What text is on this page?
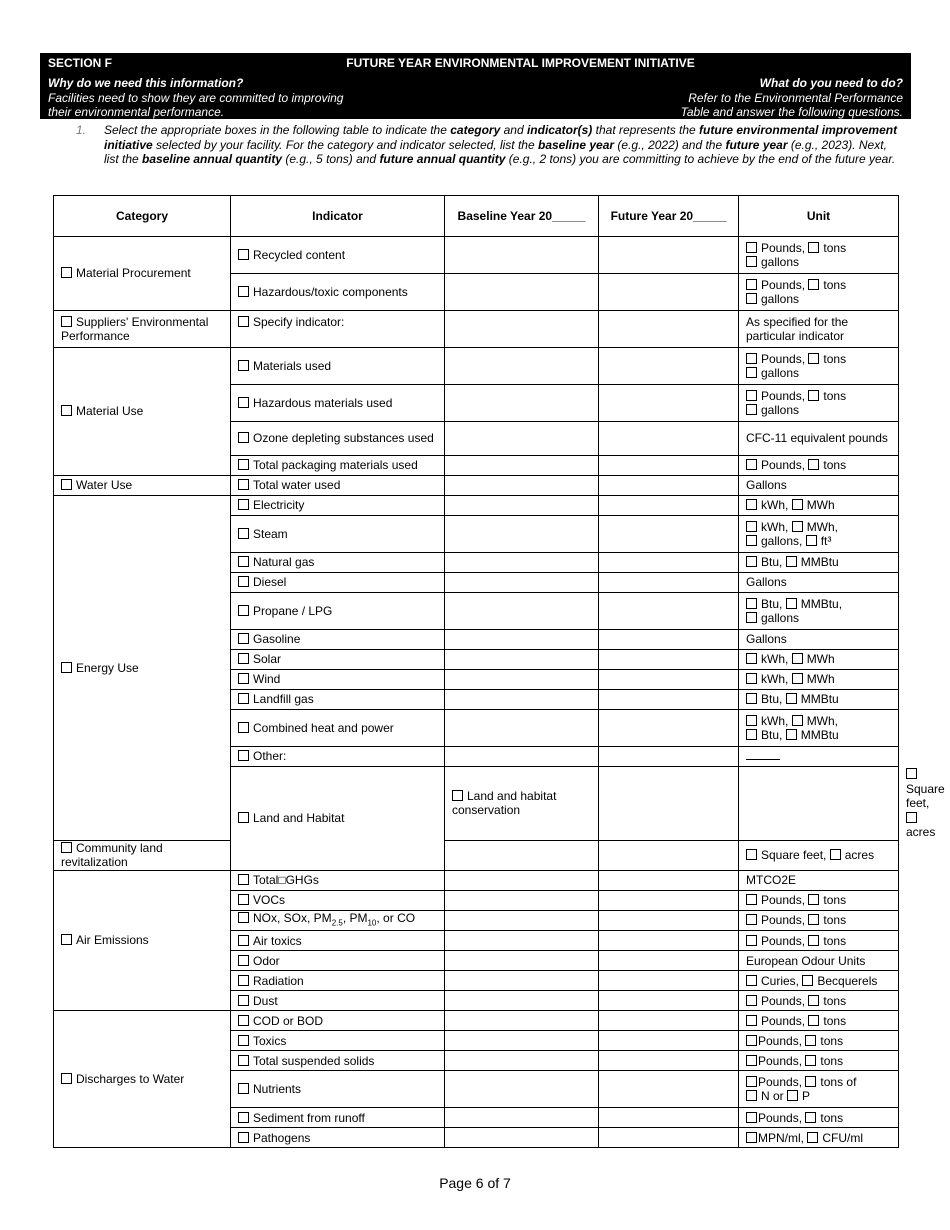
SECTION F	FUTURE YEAR ENVIRONMENTAL IMPROVEMENT INITIATIVE
Why do we need this information?
Facilities need to show they are committed to improving
their environmental performance.
What do you need to do?
Refer to the Environmental Performance
Table and answer the following questions.
1. Select the appropriate boxes in the following table to indicate the category and indicator(s) that represents the future environmental improvement initiative selected by your facility. For the category and indicator selected, list the baseline year (e.g., 2022) and the future year (e.g., 2023). Next, list the baseline annual quantity (e.g., 5 tons) and future annual quantity (e.g., 2 tons) you are committing to achieve by the end of the future year.
Category	Indicator	Baseline Year 20_____	Future Year 20_____	Unit	
Material Procurement	Recycled content			Pounds, tons
gallons	
	Hazardous/toxic components			Pounds, tons
gallons	
Suppliers' Environmental Performance	Specify indicator:			As specified for the particular indicator	
Material Use	Materials used			Pounds, tons
gallons	
	Hazardous materials used			Pounds, tons
gallons	
	Ozone depleting substances used			CFC-11 equivalent pounds	
	Total packaging materials used			Pounds, tons	
Water Use	Total water used			Gallons	
Energy Use	Electricity			kWh, MWh	
	Steam			kWh, MWh,
gallons, ft³	
	Natural gas			Btu, MMBtu	
	Diesel			Gallons	
	Propane / LPG			Btu, MMBtu,
gallons	
	Gasoline			Gallons	
	Solar			kWh, MWh	
	Wind			kWh, MWh	
	Landfill gas			Btu, MMBtu	
	Combined heat and power			kWh, MWh,
Btu, MMBtu	
	Other:				
	Land and Habitat	Land and habitat conservation			Square feet, acres
Community land revitalization				Square feet, acres	
Air Emissions	Total□GHGs			MTCO2E	
	VOCs			Pounds, tons	
	NOx, SOx, $PM_{2.5}$, $PM_{10}$, or CO			Pounds, tons	
	Air toxics			Pounds, tons	
	Odor			European Odour Units	
	Radiation			Curies, Becquerels	
	Dust			Pounds, tons	
Discharges to Water	COD or BOD			Pounds, tons	
	Toxics			Pounds, tons	
	Total suspended solids			Pounds, tons	
	Nutrients			Pounds, tons of
N or P	
	Sediment from runoff			Pounds, tons	
	Pathogens			MPN/ml, CFU/ml	
Page 6 of 7
